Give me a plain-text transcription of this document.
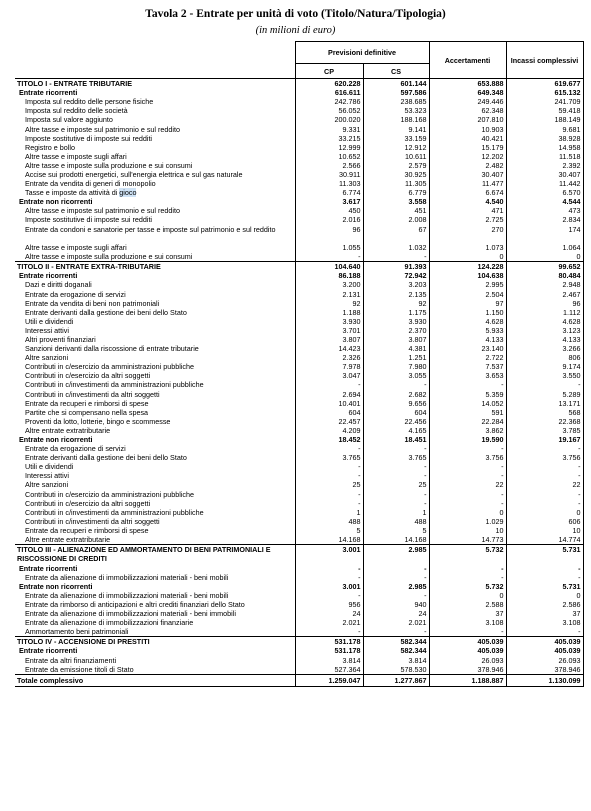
Tavola 2 - Entrate per unità di voto (Titolo/Natura/Tipologia)
(in milioni di euro)
	Previsioni definitive		Accertamenti	Incassi complessivi
	CP	CS		
TITOLO I - ENTRATE TRIBUTARIE	620.228	601.144	653.888	619.677
Entrate ricorrenti	616.611	597.586	649.348	615.132
Imposta sul reddito delle persone fisiche	242.786	238.685	249.446	241.709
Imposta sul reddito delle società	56.052	53.323	62.348	59.418
Imposta sul valore aggiunto	200.020	188.168	207.810	188.149
Altre tasse e imposte sul patrimonio e sul reddito	9.331	9.141	10.903	9.681
Imposte sostitutive di imposte sui redditi	33.215	33.159	40.421	38.928
Registro e bollo	12.999	12.912	15.179	14.958
Altre tasse e imposte sugli affari	10.652	10.611	12.202	11.518
Altre tasse e imposte sulla produzione e sui consumi	2.566	2.579	2.482	2.392
Accise sui prodotti energetici, sull'energia elettrica e sul gas naturale	30.911	30.925	30.407	30.407
Entrate da vendita di generi di monopolio	11.303	11.305	11.477	11.442
Tasse e imposte da attività di gioco	6.774	6.779	6.674	6.570
Entrate non ricorrenti	3.617	3.558	4.540	4.544
Altre tasse e imposte sul patrimonio e sul reddito	450	451	471	473
Imposte sostitutive di imposte sui redditi	2.016	2.008	2.725	2.834
Entrate da condoni e sanatorie per tasse e imposte sul patrimonio e sul reddito	96	67	270	174
Altre tasse e imposte sugli affari	1.055	1.032	1.073	1.064
Altre tasse e imposte sulla produzione e sui consumi	-	-	0	0
TITOLO II - ENTRATE EXTRA-TRIBUTARIE	104.640	91.393	124.228	99.652
Entrate ricorrenti	86.188	72.942	104.638	80.484
Dazi e diritti doganali	3.200	3.203	2.995	2.948
Entrate da erogazione di servizi	2.131	2.135	2.504	2.467
Entrate da vendita di beni non patrimoniali	92	92	97	96
Entrate derivanti dalla gestione dei beni dello Stato	1.188	1.175	1.150	1.112
Utili e dividendi	3.930	3.930	4.628	4.628
Interessi attivi	3.701	2.370	5.933	3.123
Altri proventi finanziari	3.807	3.807	4.133	4.133
Sanzioni derivanti dalla riscossione di entrate tributarie	14.423	4.381	23.140	3.266
Altre sanzioni	2.326	1.251	2.722	806
Contributi in c/esercizio da amministrazioni pubbliche	7.978	7.980	7.537	9.174
Contributi in c/esercizio da altri soggetti	3.047	3.055	3.653	3.550
Contributi in c/investimenti da amministrazioni pubbliche	-	-	-	-
Contributi in c/investimenti da altri soggetti	2.694	2.682	5.359	5.289
Entrate da recuperi e rimborsi di spese	10.401	9.656	14.052	13.171
Partite che si compensano nella spesa	604	604	591	568
Proventi da lotto, lotterie, bingo e scommesse	22.457	22.456	22.284	22.368
Altre entrate extratributarie	4.209	4.165	3.862	3.785
Entrate non ricorrenti	18.452	18.451	19.590	19.167
Entrate da erogazione di servizi	-	-	-	-
Entrate derivanti dalla gestione dei beni dello Stato	3.765	3.765	3.756	3.756
Utili e dividendi	-	-	-	-
Interessi attivi	-	-	-	-
Altre sanzioni	25	25	22	22
Contributi in c/esercizio da amministrazioni pubbliche	-	-	-	-
Contributi in c/esercizio da altri soggetti	-	-	-	-
Contributi in c/investimenti da amministrazioni pubbliche	1	1	0	0
Contributi in c/investimenti da altri soggetti	488	488	1.029	606
Entrate da recuperi e rimborsi di spese	5	5	10	10
Altre entrate extratributarie	14.168	14.168	14.773	14.774
TITOLO III - ALIENAZIONE ED AMMORTAMENTO DI BENI PATRIMONIALI E RISCOSSIONE DI CREDITI	3.001	2.985	5.732	5.731
Entrate ricorrenti	-	-	-	-
Entrate da alienazione di immobilizzazioni materiali - beni mobili	-	-	-	-
Entrate non ricorrenti	3.001	2.985	5.732	5.731
Entrate da alienazione di immobilizzazioni materiali - beni mobili	-	-	0	0
Entrate da rimborso di anticipazioni e altri crediti finanziari dello Stato	956	940	2.588	2.586
Entrate da alienazione di immobilizzazioni materiali - beni immobili	24	24	37	37
Entrate da alienazione di immobilizzazioni finanziarie	2.021	2.021	3.108	3.108
Ammortamento beni patrimoniali	-	-	-	-
TITOLO IV - ACCENSIONE DI PRESTITI	531.178	582.344	405.039	405.039
Entrate ricorrenti	531.178	582.344	405.039	405.039
Entrate da altri finanziamenti	3.814	3.814	26.093	26.093
Entrate da emissione titoli di Stato	527.364	578.530	378.946	378.946
Totale complessivo	1.259.047	1.277.867	1.188.887	1.130.099
